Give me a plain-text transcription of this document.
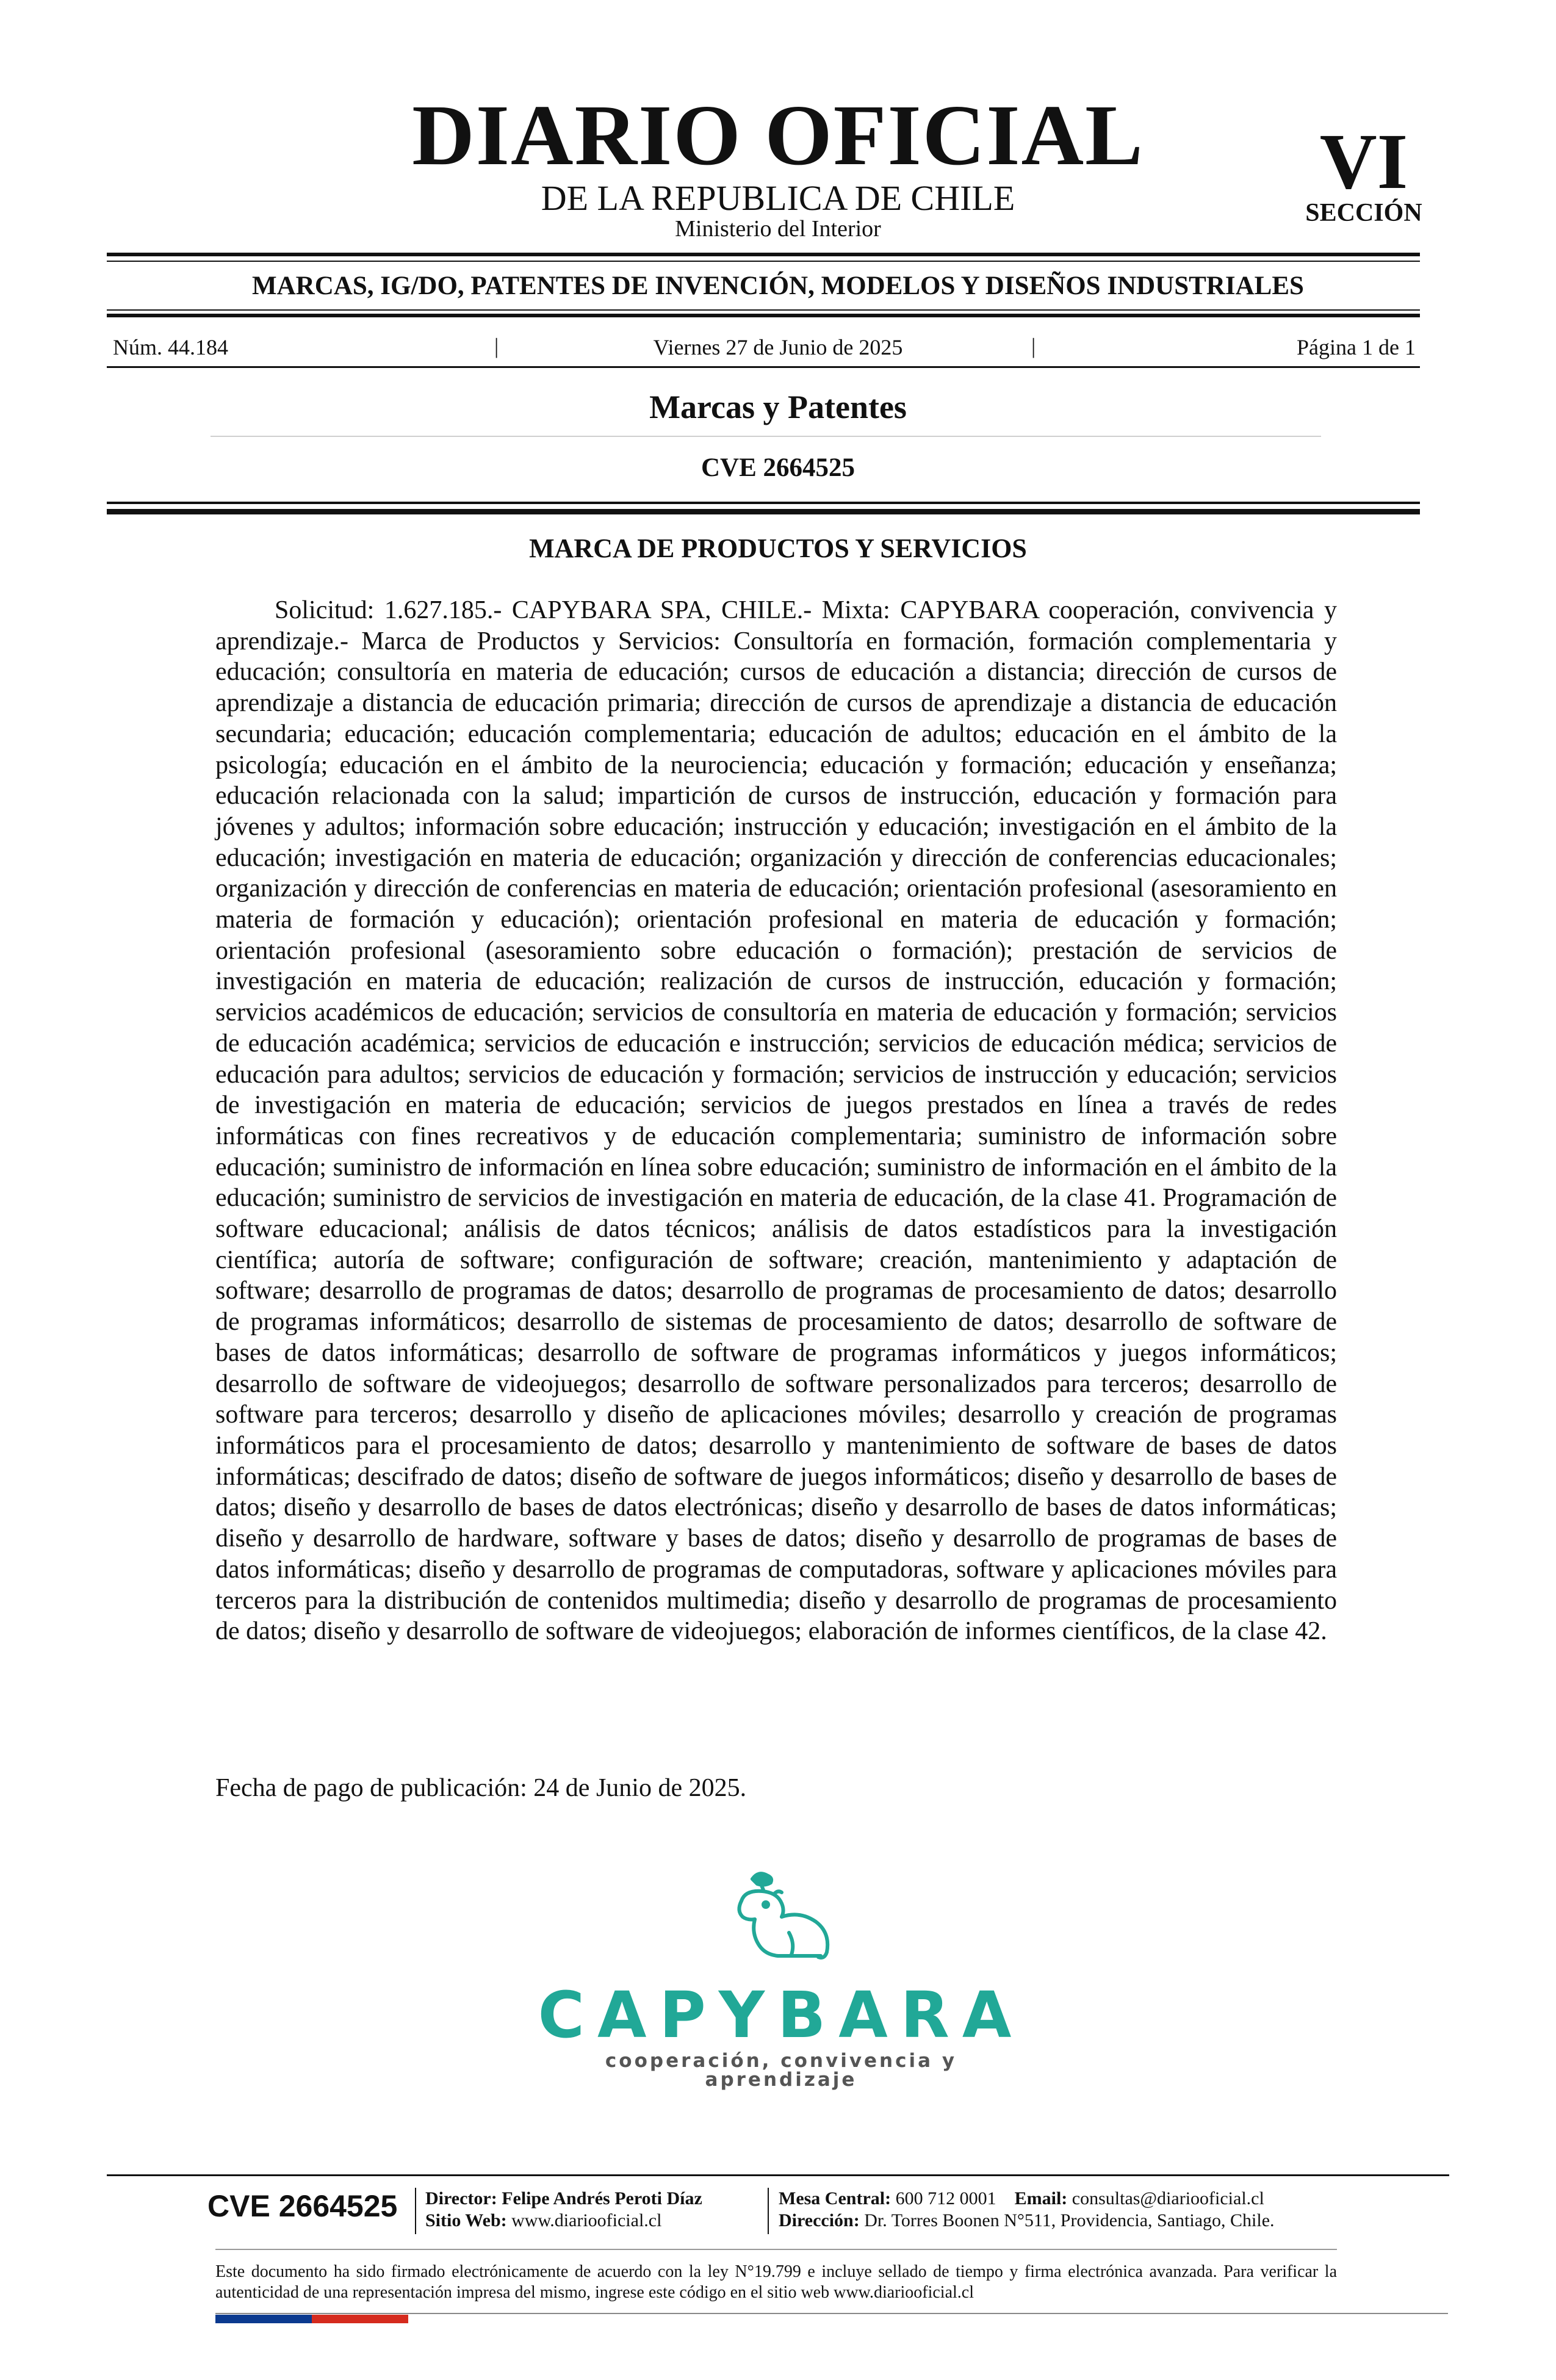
DIARIO OFICIAL
DE LA REPUBLICA DE CHILE
Ministerio del Interior
VI
SECCIÓN
MARCAS, IG/DO, PATENTES DE INVENCIÓN, MODELOS Y DISEÑOS INDUSTRIALES
Núm. 44.184	|	Viernes 27 de Junio de 2025	|	Página 1 de 1
Marcas y Patentes
CVE 2664525
MARCA DE PRODUCTOS Y SERVICIOS

Solicitud: 1.627.185.- CAPYBARA SPA, CHILE.- Mixta: CAPYBARA cooperación, convivencia y aprendizaje.- Marca de Productos y Servicios: Consultoría en formación, formación complementaria y educación; consultoría en materia de educación; cursos de educación a distancia; dirección de cursos de aprendizaje a distancia de educación primaria; dirección de cursos de aprendizaje a distancia de educación secundaria; educación; educación complementaria; educación de adultos; educación en el ámbito de la psicología; educación en el ámbito de la neurociencia; educación y formación; educación y enseñanza; educación relacionada con la salud; impartición de cursos de instrucción, educación y formación para jóvenes y adultos; información sobre educación; instrucción y educación; investigación en el ámbito de la educación; investigación en materia de educación; organización y dirección de conferencias educacionales; organización y dirección de conferencias en materia de educación; orientación profesional (asesoramiento en materia de formación y educación); orientación profesional en materia de educación y formación; orientación profesional (asesoramiento sobre educación o formación); prestación de servicios de investigación en materia de educación; realización de cursos de instrucción, educación y formación; servicios académicos de educación; servicios de consultoría en materia de educación y formación; servicios de educación académica; servicios de educación e instrucción; servicios de educación médica; servicios de educación para adultos; servicios de educación y formación; servicios de instrucción y educación; servicios de investigación en materia de educación; servicios de juegos prestados en línea a través de redes informáticas con fines recreativos y de educación complementaria; suministro de información sobre educación; suministro de información en línea sobre educación; suministro de información en el ámbito de la educación; suministro de servicios de investigación en materia de educación, de la clase 41. Programación de software educacional; análisis de datos técnicos; análisis de datos estadísticos para la investigación científica; autoría de software; configuración de software; creación, mantenimiento y adaptación de software; desarrollo de programas de datos; desarrollo de programas de procesamiento de datos; desarrollo de programas informáticos; desarrollo de sistemas de procesamiento de datos; desarrollo de software de bases de datos informáticas; desarrollo de software de programas informáticos y juegos informáticos; desarrollo de software de videojuegos; desarrollo de software personalizados para terceros; desarrollo de software para terceros; desarrollo y diseño de aplicaciones móviles; desarrollo y creación de programas informáticos para el procesamiento de datos; desarrollo y mantenimiento de software de bases de datos informáticas; descifrado de datos; diseño de software de juegos informáticos; diseño y desarrollo de bases de datos; diseño y desarrollo de bases de datos electrónicas; diseño y desarrollo de bases de datos informáticas; diseño y desarrollo de hardware, software y bases de datos; diseño y desarrollo de programas de bases de datos informáticas; diseño y desarrollo de programas de computadoras, software y aplicaciones móviles para terceros para la distribución de contenidos multimedia; diseño y desarrollo de programas de procesamiento de datos; diseño y desarrollo de software de videojuegos; elaboración de informes científicos, de la clase 42.

Fecha de pago de publicación: 24 de Junio de 2025.
CAPYBARA
cooperación, convivencia y aprendizaje
CVE 2664525 Director: Felipe Andrés Peroti Díaz
Sitio Web: www.diariooficial.cl
Mesa Central: 600 712 0001 Email: consultas@diariooficial.cl
Dirección: Dr. Torres Boonen N°511, Providencia, Santiago, Chile.
Este documento ha sido firmado electrónicamente de acuerdo con la ley N°19.799 e incluye sellado de tiempo y firma electrónica avanzada. Para verificar la autenticidad de una representación impresa del mismo, ingrese este código en el sitio web www.diariooficial.cl
